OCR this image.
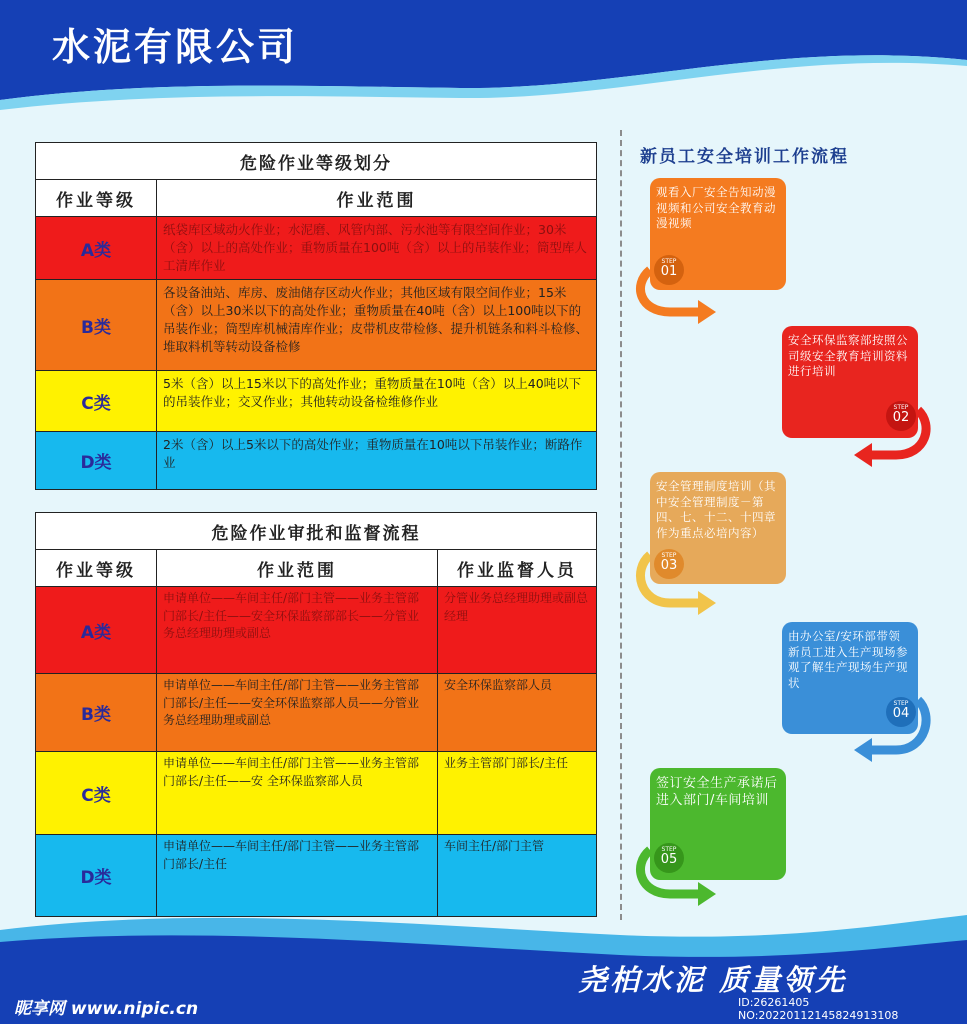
水泥有限公司
危险作业等级划分	
作业等级	作业范围
A类	纸袋库区域动火作业；水泥磨、风管内部、污水池等有限空间作业；30米（含）以上的高处作业；重物质量在100吨（含）以上的吊装作业；筒型库人工清库作业
B类	各设备油站、库房、废油储存区动火作业；其他区域有限空间作业；15米（含）以上30米以下的高处作业；重物质量在40吨（含）以上100吨以下的吊装作业；筒型库机械清库作业；皮带机皮带检修、提升机链条和料斗检修、堆取料机等转动设备检修
C类	5米（含）以上15米以下的高处作业；重物质量在10吨（含）以上40吨以下的吊装作业；交叉作业；其他转动设备检维修作业
D类	2米（含）以上5米以下的高处作业；重物质量在10吨以下吊装作业；断路作业
危险作业审批和监督流程		
作业等级	作业范围	作业监督人员
A类	申请单位——车间主任/部门主管——业务主管部门部长/主任——安全环保监察部部长——分管业务总经理助理或副总	分管业务总经理助理或副总经理
B类	申请单位——车间主任/部门主管——业务主管部门部长/主任——安全环保监察部人员——分管业务总经理助理或副总	安全环保监察部人员
C类	申请单位——车间主任/部门主管——业务主管部门部长/主任——安 全环保监察部人员	业务主管部门部长/主任
D类	申请单位——车间主任/部门主管——业务主管部门部长/主任	车间主任/部门主管
新员工安全培训工作流程
观看入厂安全告知动漫视频和公司安全教育动漫视频
STEP
01
安全环保监察部按照公司级安全教育培训资料进行培训
STEP
02
安全管理制度培训（其中安全管理制度－第四、七、十二、十四章作为重点必培内容）
STEP
03
由办公室/安环部带领新员工进入生产现场参观了解生产现场生产现状
STEP
04
签订安全生产承诺后进入部门/车间培训
STEP
05
尧柏水泥 质量领先
昵享网 www.nipic.cn	ID:26261405 NO:20220112145824913108
